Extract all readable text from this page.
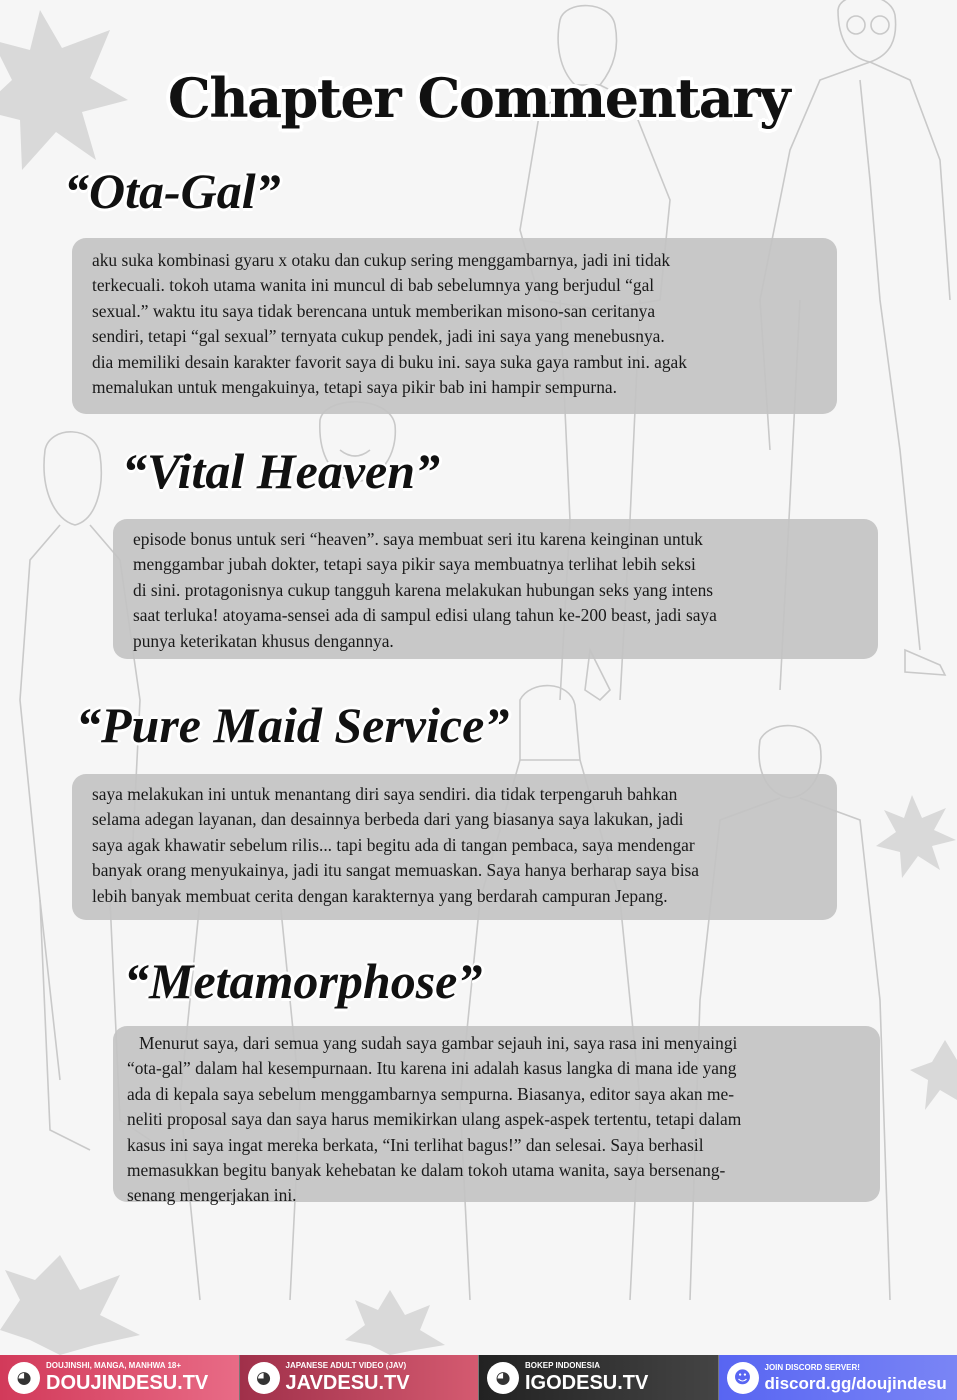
Chapter Commentary
“Ota-Gal”

aku suka kombinasi gyaru x otaku dan cukup sering menggambarnya, jadi ini tidak

terkecuali. tokoh utama wanita ini muncul di bab sebelumnya yang berjudul “gal

sexual.” waktu itu saya tidak berencana untuk memberikan misono-san ceritanya

sendiri, tetapi “gal sexual” ternyata cukup pendek, jadi ini saya yang menebusnya.

dia memiliki desain karakter favorit saya di buku ini. saya suka gaya rambut ini. agak

memalukan untuk mengakuinya, tetapi saya pikir bab ini hampir sempurna.

“Vital Heaven”

episode bonus untuk seri “heaven”. saya membuat seri itu karena keinginan untuk

menggambar jubah dokter, tetapi saya pikir saya membuatnya terlihat lebih seksi

di sini. protagonisnya cukup tangguh karena melakukan hubungan seks yang intens

saat terluka! atoyama-sensei ada di sampul edisi ulang tahun ke-200 beast, jadi saya

punya keterikatan khusus dengannya.

“Pure Maid Service”

saya melakukan ini untuk menantang diri saya sendiri. dia tidak terpengaruh bahkan

selama adegan layanan, dan desainnya berbeda dari yang biasanya saya lakukan, jadi

saya agak khawatir sebelum rilis... tapi begitu ada di tangan pembaca, saya mendengar

banyak orang menyukainya, jadi itu sangat memuaskan. Saya hanya berharap saya bisa

lebih banyak membuat cerita dengan karakternya yang berdarah campuran Jepang.

“Metamorphose”

Menurut saya, dari semua yang sudah saya gambar sejauh ini, saya rasa ini menyaingi

“ota-gal” dalam hal kesempurnaan. Itu karena ini adalah kasus langka di mana ide yang

ada di kepala saya sebelum menggambarnya sempurna. Biasanya, editor saya akan me-

neliti proposal saya dan saya harus memikirkan ulang aspek-aspek tertentu, tetapi dalam

kasus ini saya ingat mereka berkata, “Ini terlihat bagus!” dan selesai. Saya berhasil

memasukkan begitu banyak kehebatan ke dalam tokoh utama wanita, saya bersenang-

senang mengerjakan ini.

◕
DOUJINSHI, MANGA, MANHWA 18+
DOUJINDESU.TV	◕
JAPANESE ADULT VIDEO (JAV)
JAVDESU.TV	◕
BOKEP INDONESIA
IGODESU.TV	☻
JOIN DISCORD SERVER!
discord.gg/doujindesu
